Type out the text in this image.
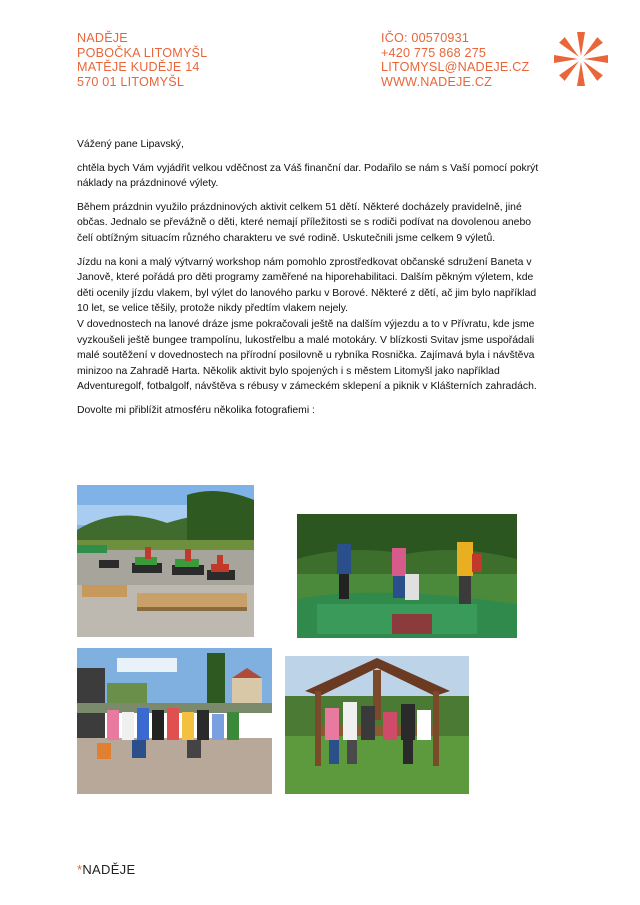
NADĚJE
POBOČKA LITOMYŠL
MATĚJE KUDĚJE 14
570 01 LITOMYŠL
IČO: 00570931
+420 775 868 275
LITOMYSL@NADEJE.CZ
WWW.NADEJE.CZ

Vážený pane Lipavský,

chtěla bych Vám vyjádřit velkou vděčnost za Váš finanční dar. Podařilo se nám s Vaší pomocí pokrýt náklady na prázdninové výlety.

Během prázdnin využilo prázdninových aktivit celkem 51 dětí. Některé docházely pravidelně, jiné občas. Jednalo se převážně o děti, které nemají příležitosti se s rodiči podívat na dovolenou anebo čelí obtížným situacím různého charakteru ve své rodině. Uskutečnili jsme celkem 9 výletů.

Jízdu na koni a malý výtvarný workshop nám pomohlo zprostředkovat občanské sdružení Baneta v Janově, které pořádá pro děti programy zaměřené na hiporehabilitaci. Dalším pěkným výletem, kde děti ocenily jízdu vlakem, byl výlet do lanového parku v Borové. Některé z dětí, ač jim bylo například 10 let, se velice těšily, protože nikdy předtím vlakem nejely.

V dovednostech na lanové dráze jsme pokračovali ještě na dalším výjezdu a to v Přívratu, kde jsme vyzkoušeli ještě bungee trampolínu, lukostřelbu a malé motokáry. V blízkosti Svitav jsme uspořádali malé soutěžení v dovednostech na přírodní posilovně u rybníka Rosnička. Zajímavá byla i návštěva minizoo na Zahradě Harta. Několik aktivit bylo spojených i s městem Litomyšl jako například Adventuregolf, fotbalgolf, návštěva s rébusy v zámeckém sklepení a piknik v Klášterních zahradách.

Dovolte mi přiblížit atmosféru několika fotografiemi :

*NADĚJE
